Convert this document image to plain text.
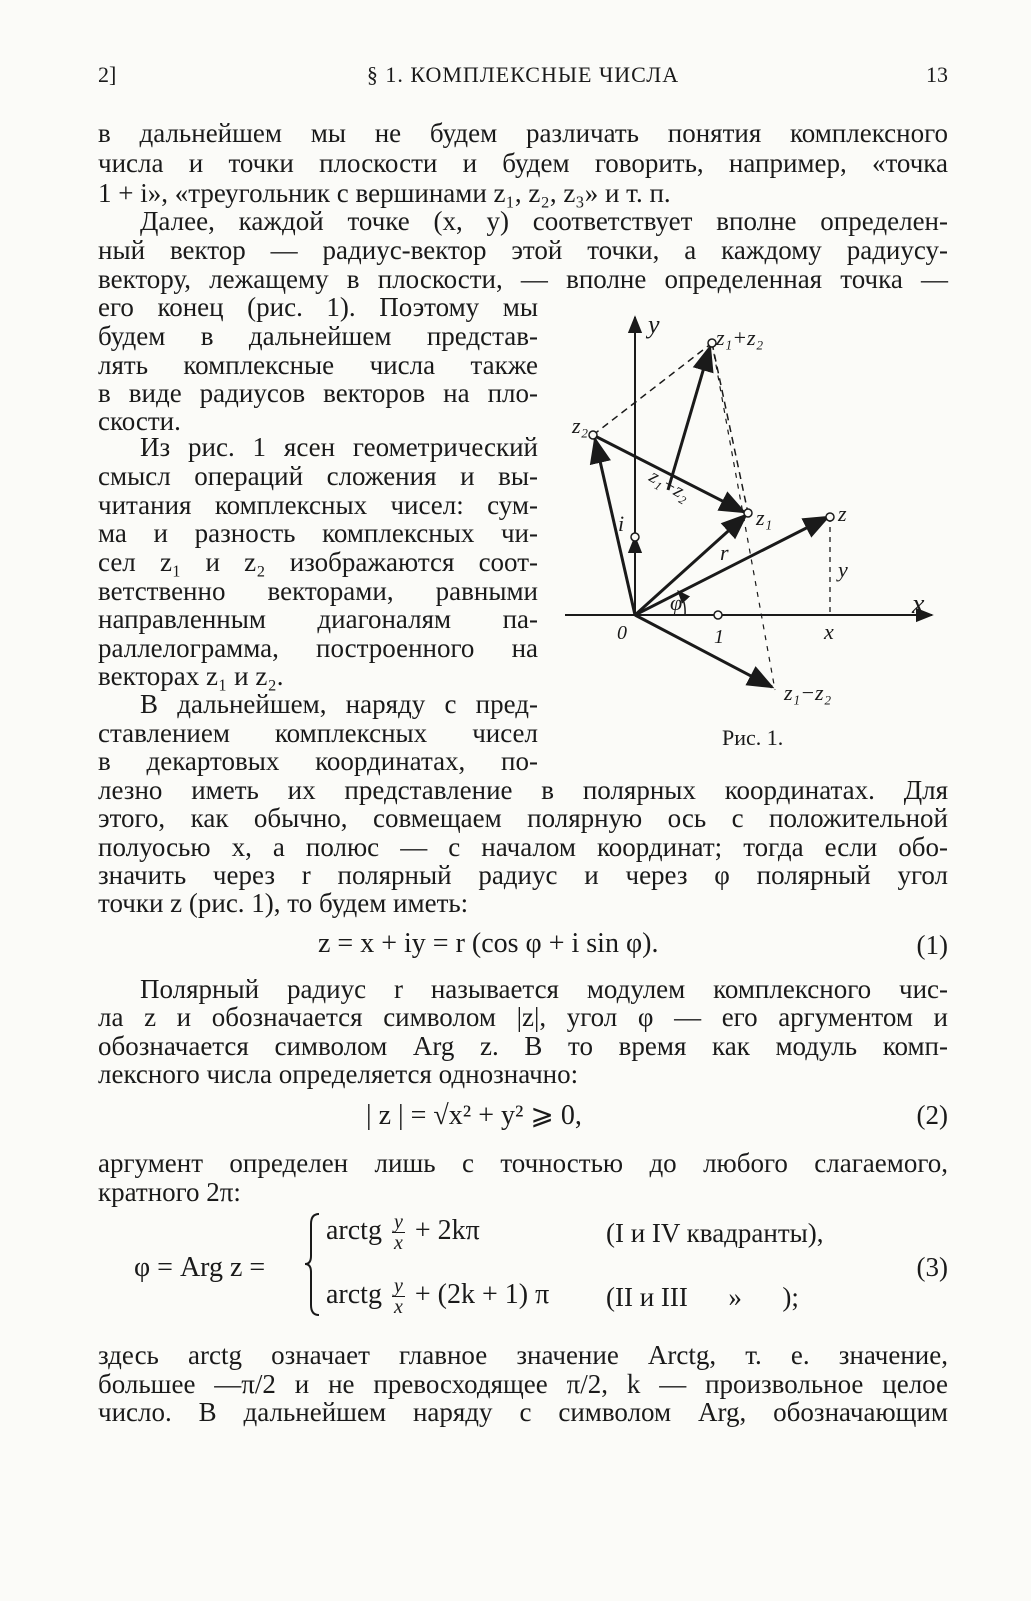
2]	§ 1. КОМПЛЕКСНЫЕ ЧИСЛА	13
в дальнейшем мы не будем различать понятия комплексного
числа и точки плоскости и будем говорить, например, «точка
1 + i», «треугольник с вершинами z₁, z₂, z₃» и т. п.
Далее, каждой точке (x, y) соответствует вполне определен-
ный вектор — радиус-вектор этой точки, а каждому радиусу-
вектору, лежащему в плоскости, — вполне определенная точка —
его конец (рис. 1). Поэтому мы
будем в дальнейшем представ-
лять комплексные числа также
в виде радиусов векторов на пло-
скости.
Из рис. 1 ясен геометрический
смысл операций сложения и вы-
читания комплексных чисел: сум-
ма и разность комплексных чи-
сел z₁ и z₂ изображаются соот-
ветственно векторами, равными
направленным диагоналям па-
раллелограмма, построенного на
векторах z₁ и z₂.
В дальнейшем, наряду с пред-
ставлением комплексных чисел
в декартовых координатах, по-
лезно иметь их представление в полярных координатах. Для
этого, как обычно, совмещаем полярную ось с положительной
полуосью x, а полюс — с началом координат; тогда если обо-
значить через r полярный радиус и через φ полярный угол
точки z (рис. 1), то будем иметь:
z = x + iy = r (cos φ + i sin φ).	(1)
Полярный радиус r называется модулем комплексного чис-
ла z и обозначается символом |z|, угол φ — его аргументом и
обозначается символом Arg z. В то время как модуль комп-
лексного числа определяется однозначно:
| z | = √x² + y² ⩾ 0,	(2)
аргумент определен лишь с точностью до любого слагаемого,
кратного 2π:
φ = Arg z =
arctg $\frac{y}{x} + 2k\pi$	(I и IV квадранты),
arctg $\frac{y}{x} + (2k + 1)$ π (II и III      »      );
(3)
здесь arctg означает главное значение Arctg, т. е. значение,
большее —π/2 и не превосходящее π/2, k — произвольное целое
число. В дальнейшем наряду с символом Arg, обозначающим
y
x
0	1
i
z₂
z₁+z₂
z₁	z
z₁−z₂
z₁−z₂
r
φ
x
y
Рис. 1.
